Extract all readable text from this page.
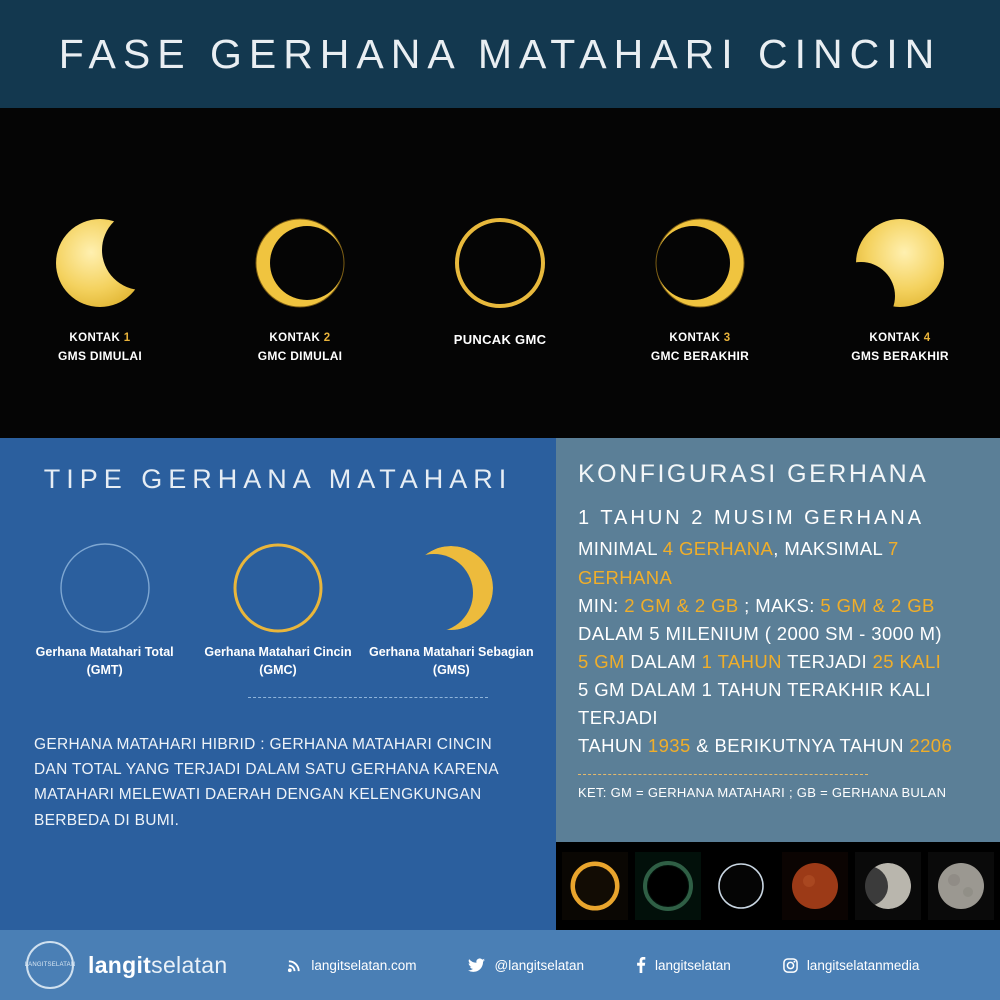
FASE GERHANA MATAHARI CINCIN
KONTAK 1
GMS DIMULAI
KONTAK 2
GMC DIMULAI
PUNCAK GMC	KONTAK 3
GMC BERAKHIR
KONTAK 4
GMS BERAKHIR
TIPE GERHANA MATAHARI
Gerhana Matahari Total
(GMT)
Gerhana Matahari Cincin
(GMC)
Gerhana Matahari Sebagian
(GMS)
GERHANA MATAHARI HIBRID : GERHANA MATAHARI CINCIN DAN TOTAL YANG TERJADI DALAM SATU GERHANA KARENA MATAHARI MELEWATI DAERAH DENGAN KELENGKUNGAN BERBEDA DI BUMI.
KONFIGURASI GERHANA
1 TAHUN 2 MUSIM GERHANA
MINIMAL 4 GERHANA, MAKSIMAL 7 GERHANA
MIN: 2 GM & 2 GB ; MAKS: 5 GM & 2 GB
DALAM 5 MILENIUM ( 2000 SM - 3000 M)
5 GM DALAM 1 TAHUN TERJADI 25 KALI
5 GM DALAM 1 TAHUN TERAKHIR KALI TERJADI
TAHUN 1935 & BERIKUTNYA TAHUN 2206
KET: GM = GERHANA MATAHARI ; GB = GERHANA BULAN
LANGITSELATAN langitselatan	langitselatan.com	@langitselatan	langitselatan	langitselatanmedia
